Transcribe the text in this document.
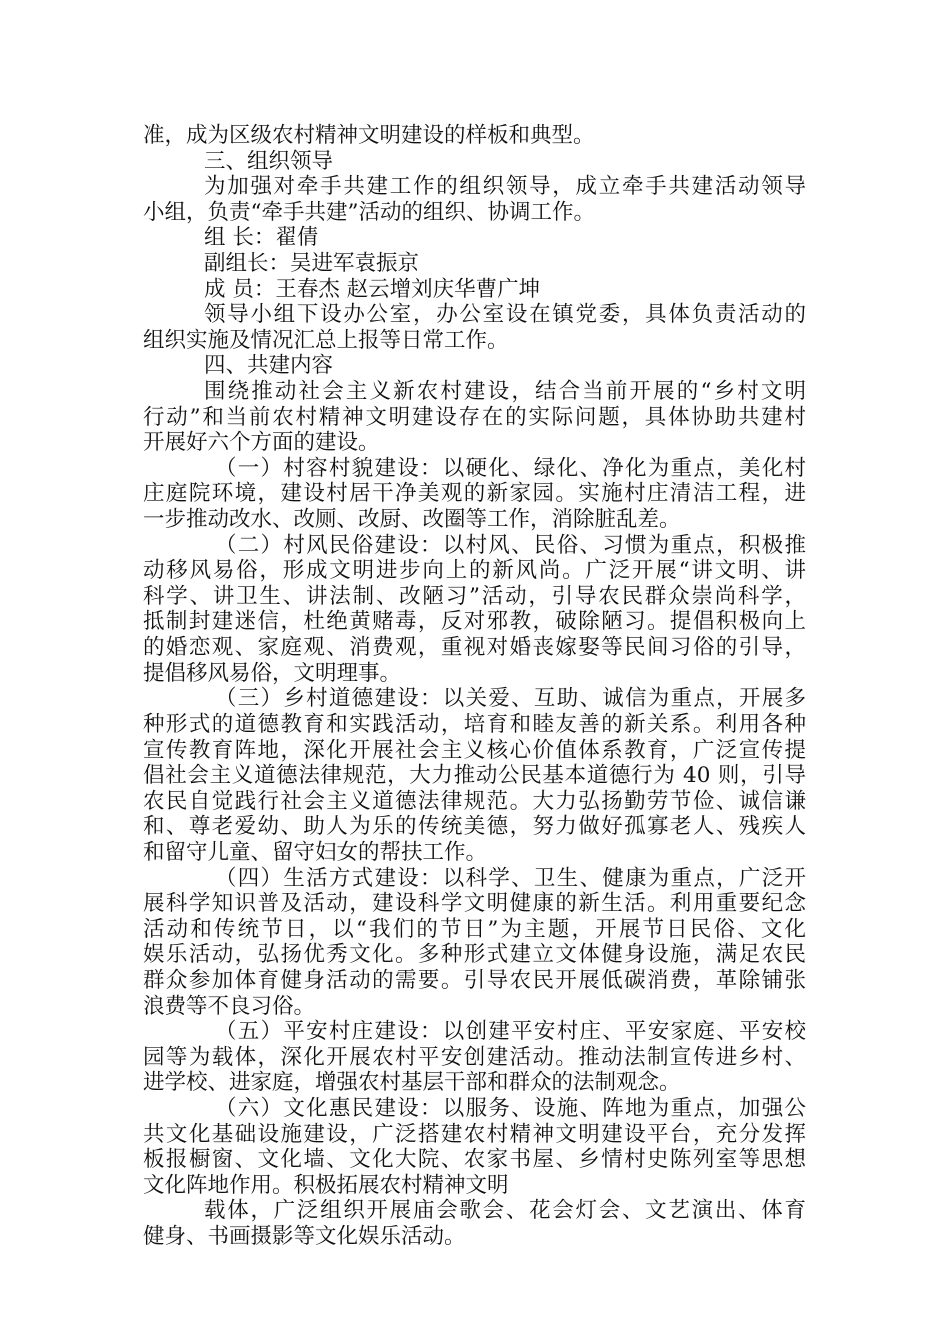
准，成为区级农村精神文明建设的样板和典型。
三、组织领导
为加强对牵手共建工作的组织领导，成立牵手共建活动领导
小组，负责“牵手共建”活动的组织、协调工作。
组 长：翟倩
副组长：吴进军袁振京
成 员：王春杰 赵云增刘庆华曹广坤
领导小组下设办公室，办公室设在镇党委，具体负责活动的
组织实施及情况汇总上报等日常工作。
四、共建内容
围绕推动社会主义新农村建设，结合当前开展的“乡村文明
行动”和当前农村精神文明建设存在的实际问题，具体协助共建村
开展好六个方面的建设。
（一）村容村貌建设：以硬化、绿化、净化为重点，美化村
庄庭院环境，建设村居干净美观的新家园。实施村庄清洁工程，进
一步推动改水、改厕、改厨、改圈等工作，消除脏乱差。
（二）村风民俗建设：以村风、民俗、习惯为重点，积极推
动移风易俗，形成文明进步向上的新风尚。广泛开展“讲文明、讲
科学、讲卫生、讲法制、改陋习”活动，引导农民群众崇尚科学，
抵制封建迷信，杜绝黄赌毒，反对邪教，破除陋习。提倡积极向上
的婚恋观、家庭观、消费观，重视对婚丧嫁娶等民间习俗的引导，
提倡移风易俗，文明理事。
（三）乡村道德建设：以关爱、互助、诚信为重点，开展多
种形式的道德教育和实践活动，培育和睦友善的新关系。利用各种
宣传教育阵地，深化开展社会主义核心价值体系教育，广泛宣传提
倡社会主义道德法律规范，大力推动公民基本道德行为 40 则，引导
农民自觉践行社会主义道德法律规范。大力弘扬勤劳节俭、诚信谦
和、尊老爱幼、助人为乐的传统美德，努力做好孤寡老人、残疾人
和留守儿童、留守妇女的帮扶工作。
（四）生活方式建设：以科学、卫生、健康为重点，广泛开
展科学知识普及活动，建设科学文明健康的新生活。利用重要纪念
活动和传统节日，以“我们的节日”为主题，开展节日民俗、文化
娱乐活动，弘扬优秀文化。多种形式建立文体健身设施，满足农民
群众参加体育健身活动的需要。引导农民开展低碳消费，革除铺张
浪费等不良习俗。
（五）平安村庄建设：以创建平安村庄、平安家庭、平安校
园等为载体，深化开展农村平安创建活动。推动法制宣传进乡村、
进学校、进家庭，增强农村基层干部和群众的法制观念。
（六）文化惠民建设：以服务、设施、阵地为重点，加强公
共文化基础设施建设，广泛搭建农村精神文明建设平台，充分发挥
板报橱窗、文化墙、文化大院、农家书屋、乡情村史陈列室等思想
文化阵地作用。积极拓展农村精神文明
载体，广泛组织开展庙会歌会、花会灯会、文艺演出、体育
健身、书画摄影等文化娱乐活动。
